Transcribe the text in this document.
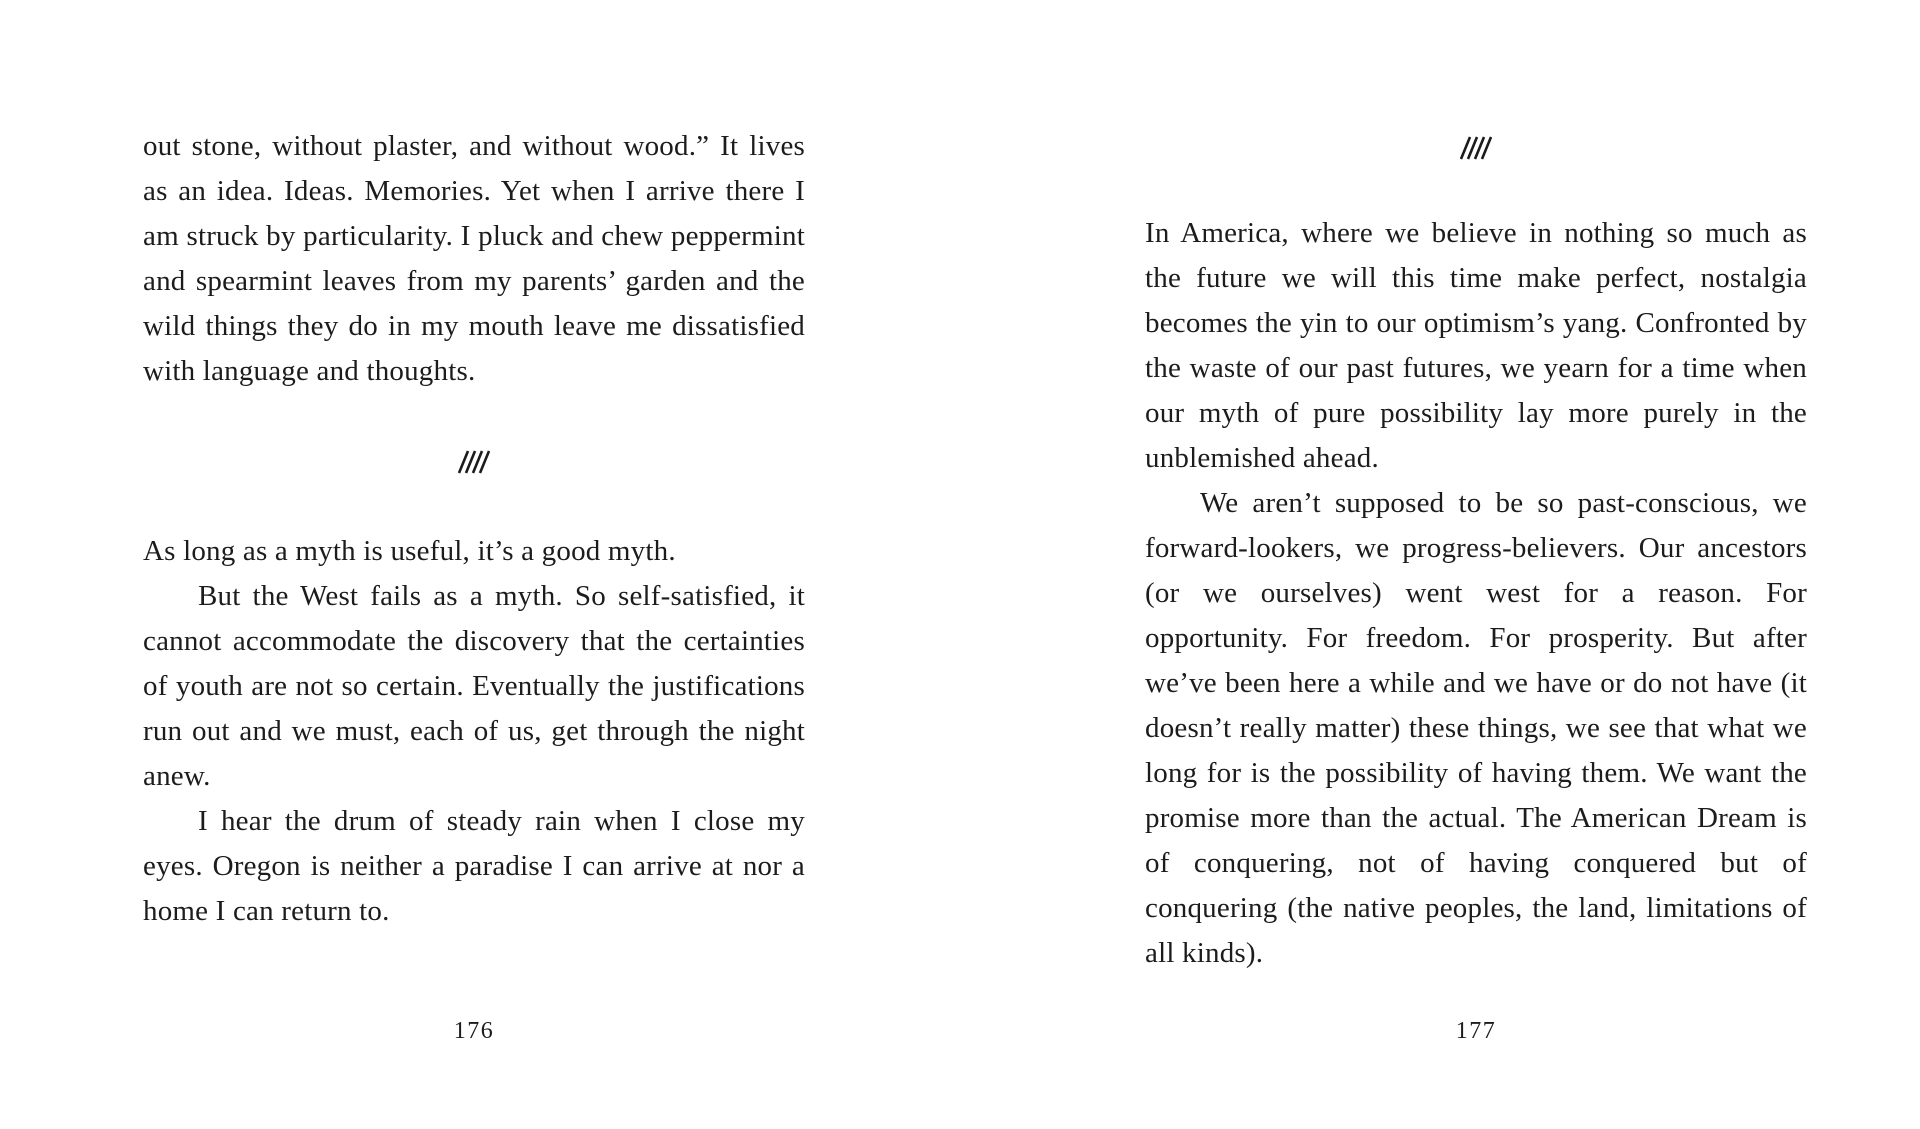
out stone, without plaster, and without wood.” It lives as an idea. Ideas. Memories. Yet when I arrive there I am struck by particularity. I pluck and chew peppermint and spearmint leaves from my parents’ garden and the wild things they do in my mouth leave me dissatisfied with language and thoughts.

As long as a myth is useful, it’s a good myth.

But the West fails as a myth. So self-satisfied, it cannot accommodate the discovery that the certainties of youth are not so certain. Eventually the justifications run out and we must, each of us, get through the night anew.

I hear the drum of steady rain when I close my eyes. Oregon is neither a paradise I can arrive at nor a home I can return to.

In America, where we believe in nothing so much as the future we will this time make perfect, nostalgia becomes the yin to our optimism’s yang. Confronted by the waste of our past futures, we yearn for a time when our myth of pure possibility lay more purely in the unblemished ahead.

We aren’t supposed to be so past-conscious, we forward-lookers, we progress-believers. Our ancestors (or we ourselves) went west for a reason. For opportunity. For freedom. For prosperity. But after we’ve been here a while and we have or do not have (it doesn’t really matter) these things, we see that what we long for is the possibility of having them. We want the promise more than the actual. The American Dream is of conquering, not of having conquered but of conquering (the native peoples, the land, limitations of all kinds).

176	177
